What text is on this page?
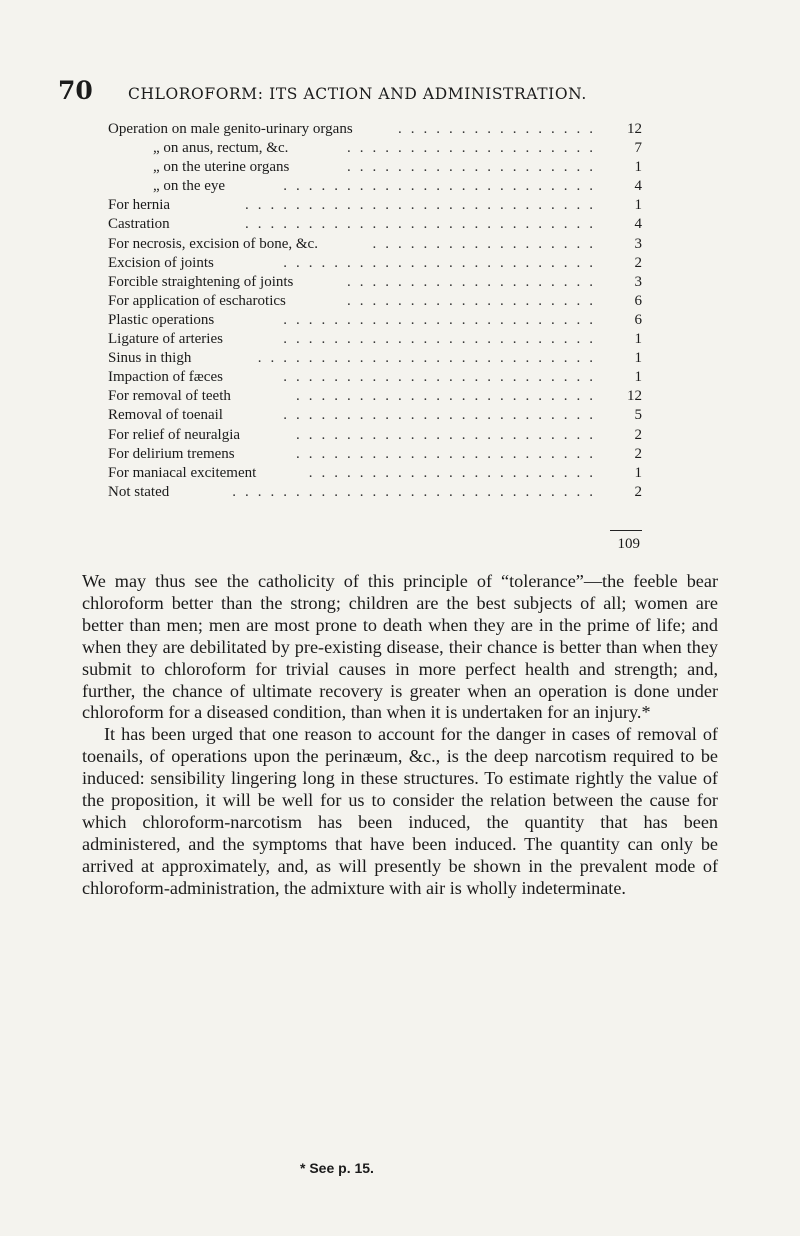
70	CHLOROFORM: ITS ACTION AND ADMINISTRATION.
Operation on male genito-urinary organs	................	12
„ on anus, rectum, &c.	....................	7
„ on the uterine organs	....................	1
„ on the eye	.........................	4
For hernia	............................	1
Castration	............................	4
For necrosis, excision of bone, &c.	..................	3
Excision of joints	.........................	2
Forcible straightening of joints	....................	3
For application of escharotics	....................	6
Plastic operations	.........................	6
Ligature of arteries	.........................	1
Sinus in thigh	...........................	1
Impaction of fæces	.........................	1
For removal of teeth	........................	12
Removal of toenail	.........................	5
For relief of neuralgia	........................	2
For delirium tremens	........................	2
For maniacal excitement	.......................	1
Not stated	.............................	2
109

We may thus see the catholicity of this principle of “tolerance”—the feeble bear chloroform better than the strong; children are the best subjects of all; women are better than men; men are most prone to death when they are in the prime of life; and when they are debilitated by pre-existing disease, their chance is better than when they submit to chloroform for trivial causes in more perfect health and strength; and, further, the chance of ultimate recovery is greater when an operation is done under chloroform for a diseased condition, than when it is undertaken for an injury.*

It has been urged that one reason to account for the danger in cases of removal of toenails, of operations upon the perinæum, &c., is the deep narcotism required to be induced: sensibility lingering long in these structures. To estimate rightly the value of the proposition, it will be well for us to consider the relation between the cause for which chloroform-narcotism has been induced, the quantity that has been administered, and the symptoms that have been induced. The quantity can only be arrived at approximately, and, as will presently be shown in the prevalent mode of chloroform-administration, the admixture with air is wholly indeterminate.

* See p. 15.
